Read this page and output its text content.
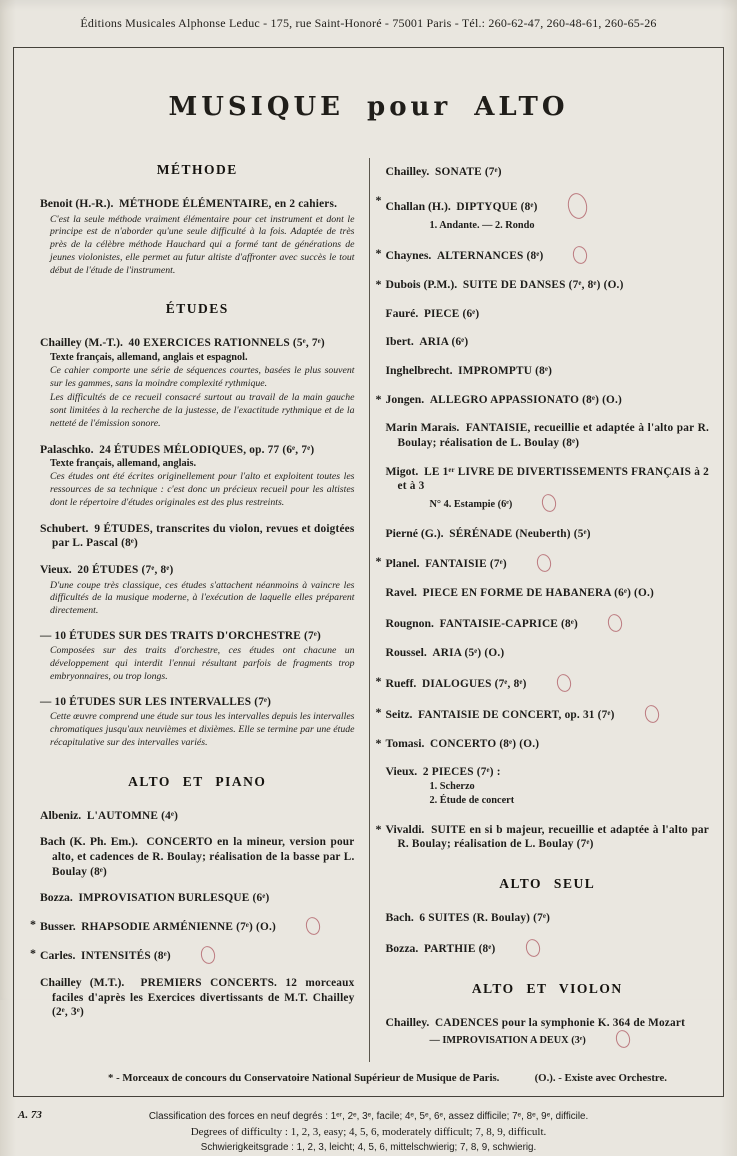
Éditions Musicales Alphonse Leduc - 175, rue Saint-Honoré - 75001 Paris - Tél.: 260-62-47, 260-48-61, 260-65-26
MUSIQUE pour ALTO
MÉTHODE
Benoit (H.-R.). MÉTHODE ÉLÉMENTAIRE, en 2 cahiers.
C'est la seule méthode vraiment élémentaire pour cet instrument et dont le principe est de n'aborder qu'une seule difficulté à la fois. Adaptée de très près de la célèbre méthode Hauchard qui a formé tant de générations de jeunes violonistes, elle permet au futur altiste d'affronter avec succès le tout début de l'étude de l'instrument.
ÉTUDES
Chailley (M.-T.). 40 EXERCICES RATIONNELS (5ᵉ, 7ᵉ)
Texte français, allemand, anglais et espagnol.
Ce cahier comporte une série de séquences courtes, basées le plus souvent sur les gammes, sans la moindre complexité rythmique.
Les difficultés de ce recueil consacré surtout au travail de la main gauche sont limitées à la recherche de la justesse, de l'exactitude rythmique et de la netteté de l'émission sonore.
Palaschko. 24 ÉTUDES MÉLODIQUES, op. 77 (6ᵉ, 7ᵉ)
Texte français, allemand, anglais.
Ces études ont été écrites originellement pour l'alto et exploitent toutes les ressources de sa technique : c'est donc un précieux recueil pour les altistes dont le répertoire d'études originales est des plus restreints.
Schubert. 9 ÉTUDES, transcrites du violon, revues et doigtées par L. Pascal (8ᵉ)
Vieux. 20 ÉTUDES (7ᵉ, 8ᵉ)
D'une coupe très classique, ces études s'attachent néanmoins à vaincre les difficultés de la musique moderne, à l'exécution de laquelle elles préparent directement.
— 10 ÉTUDES SUR DES TRAITS D'ORCHESTRE (7ᵉ)
Composées sur des traits d'orchestre, ces études ont chacune un développement qui interdit l'ennui résultant parfois de fragments trop embryonnaires, ou trop longs.
— 10 ÉTUDES SUR LES INTERVALLES (7ᵉ)
Cette œuvre comprend une étude sur tous les intervalles depuis les intervalles chromatiques jusqu'aux neuvièmes et dixièmes. Elle se termine par une étude récapitulative sur des intervalles variés.
ALTO ET PIANO
Albeniz. L'AUTOMNE (4ᵉ)
Bach (K. Ph. Em.). CONCERTO en la mineur, version pour alto, et cadences de R. Boulay; réalisation de la basse par L. Boulay (8ᵉ)
Bozza. IMPROVISATION BURLESQUE (6ᵉ)
* Busser. RHAPSODIE ARMÉNIENNE (7ᵉ) (O.)
* Carles. INTENSITÉS (8ᵉ)
Chailley (M.T.). PREMIERS CONCERTS. 12 morceaux faciles d'après les Exercices divertissants de M.T. Chailley (2ᵉ, 3ᵉ)
Chailley. SONATE (7ᵉ)
* Challan (H.). DIPTYQUE (8ᵉ)
1. Andante. — 2. Rondo
* Chaynes. ALTERNANCES (8ᵉ)
* Dubois (P.M.). SUITE DE DANSES (7ᵉ, 8ᵉ) (O.)
Fauré. PIECE (6ᵉ)
Ibert. ARIA (6ᵉ)
Inghelbrecht. IMPROMPTU (8ᵉ)
* Jongen. ALLEGRO APPASSIONATO (8ᵉ) (O.)
Marin Marais. FANTAISIE, recueillie et adaptée à l'alto par R. Boulay; réalisation de L. Boulay (8ᵉ)
Migot. LE 1ᵉʳ LIVRE DE DIVERTISSEMENTS FRANÇAIS à 2 et à 3
N° 4. Estampie (6ᵉ)
Pierné (G.). SÉRÉNADE (Neuberth) (5ᵉ)
* Planel. FANTAISIE (7ᵉ)
Ravel. PIECE EN FORME DE HABANERA (6ᵉ) (O.)
Rougnon. FANTAISIE-CAPRICE (8ᵉ)
Roussel. ARIA (5ᵉ) (O.)
* Rueff. DIALOGUES (7ᵉ, 8ᵉ)
* Seitz. FANTAISIE DE CONCERT, op. 31 (7ᵉ)
* Tomasi. CONCERTO (8ᵉ) (O.)
Vieux. 2 PIECES (7ᵉ) :
1. Scherzo
2. Étude de concert
* Vivaldi. SUITE en si b majeur, recueillie et adaptée à l'alto par R. Boulay; réalisation de L. Boulay (7ᵉ)
ALTO SEUL
Bach. 6 SUITES (R. Boulay) (7ᵉ)
Bozza. PARTHIE (8ᵉ)
ALTO ET VIOLON
Chailley. CADENCES pour la symphonie K. 364 de Mozart
— IMPROVISATION A DEUX (3ᵉ)
* - Morceaux de concours du Conservatoire National Supérieur de Musique de Paris.	(O.). - Existe avec Orchestre.
A. 73	Classification des forces en neuf degrés : 1ᵉʳ, 2ᵉ, 3ᵉ, facile; 4ᵉ, 5ᵉ, 6ᵉ, assez difficile; 7ᵉ, 8ᵉ, 9ᵉ, difficile.
Degrees of difficulty : 1, 2, 3, easy; 4, 5, 6, moderately difficult; 7, 8, 9, difficult.
Schwierigkeitsgrade : 1, 2, 3, leicht; 4, 5, 6, mittelschwierig; 7, 8, 9, schwierig.
